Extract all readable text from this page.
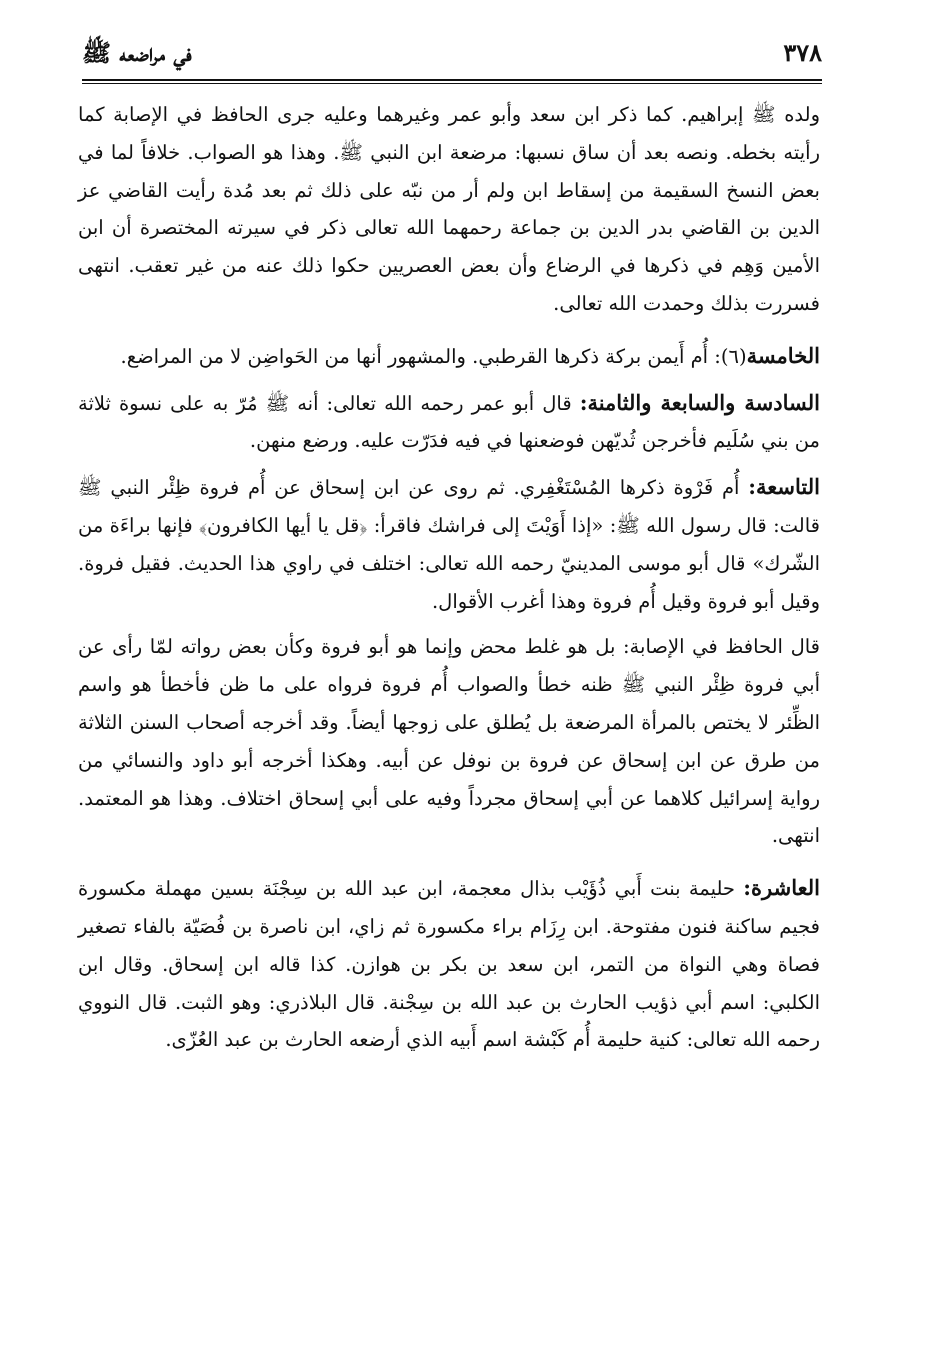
٣٧٨
في مراضعه ﷺ

ولده ﷺ إبراهيم. كما ذكر ابن سعد وأبو عمر وغيرهما وعليه جرى الحافظ في الإصابة كما رأيته بخطه. ونصه بعد أن ساق نسبها: مرضعة ابن النبي ﷺ. وهذا هو الصواب. خلافاً لما في بعض النسخ السقيمة من إسقاط ابن ولم أر من نبّه على ذلك ثم بعد مُدة رأيت القاضي عز الدين بن القاضي بدر الدين بن جماعة رحمهما الله تعالى ذكر في سيرته المختصرة أن ابن الأمين وَهِم في ذكرها في الرضاع وأن بعض العصريين حكوا ذلك عنه من غير تعقب. انتهى فسررت بذلك وحمدت الله تعالى.

الخامسة(٦): أُم أَيمن بركة ذكرها القرطبي. والمشهور أنها من الحَواضِن لا من المراضع.

السادسة والسابعة والثامنة: قال أبو عمر رحمه الله تعالى: أنه ﷺ مُرّ به على نسوة ثلاثة من بني سُلَيم فأخرجن ثُديّهن فوضعنها في فيه فدَرّت عليه. ورضع منهن.

التاسعة: أُم فَرْوة ذكرها المُسْتَغْفِري. ثم روى عن ابن إسحاق عن أُم فروة ظِئْر النبي ﷺ قالت: قال رسول الله ﷺ: «إذا أَوَيْتَ إلى فراشك فاقرأ: ﴿قل يا أيها الكافرون﴾ فإنها براءَة من الشّرك» قال أبو موسى المدينيّ رحمه الله تعالى: اختلف في راوي هذا الحديث. فقيل فروة. وقيل أبو فروة وقيل أُم فروة وهذا أغرب الأقوال.

قال الحافظ في الإصابة: بل هو غلط محض وإنما هو أبو فروة وكأن بعض رواته لمّا رأى عن أبي فروة ظِئْر النبي ﷺ ظنه خطأ والصواب أُم فروة فرواه على ما ظن فأخطأ هو واسم الظِّئر لا يختص بالمرأة المرضعة بل يُطلق على زوجها أيضاً. وقد أخرجه أصحاب السنن الثلاثة من طرق عن ابن إسحاق عن فروة بن نوفل عن أبيه. وهكذا أخرجه أبو داود والنسائي من رواية إسرائيل كلاهما عن أبي إسحاق مجرداً وفيه على أبي إسحاق اختلاف. وهذا هو المعتمد. انتهى.

العاشرة: حليمة بنت أَبي ذُؤَيْب بذال معجمة، ابن عبد الله بن سِجْنَة بسين مهملة مكسورة فجيم ساكنة فنون مفتوحة. ابن رِزَام براء مكسورة ثم زاي، ابن ناصرة بن فُصَيّة بالفاء تصغير فصاة وهي النواة من التمر، ابن سعد بن بكر بن هوازن. كذا قاله ابن إسحاق. وقال ابن الكلبي: اسم أبي ذؤيب الحارث بن عبد الله بن سِجْنة. قال البلاذري: وهو الثبت. قال النووي رحمه الله تعالى: كنية حليمة أُم كَبْشة اسم أَبيه الذي أرضعه الحارث بن عبد العُزّى.
